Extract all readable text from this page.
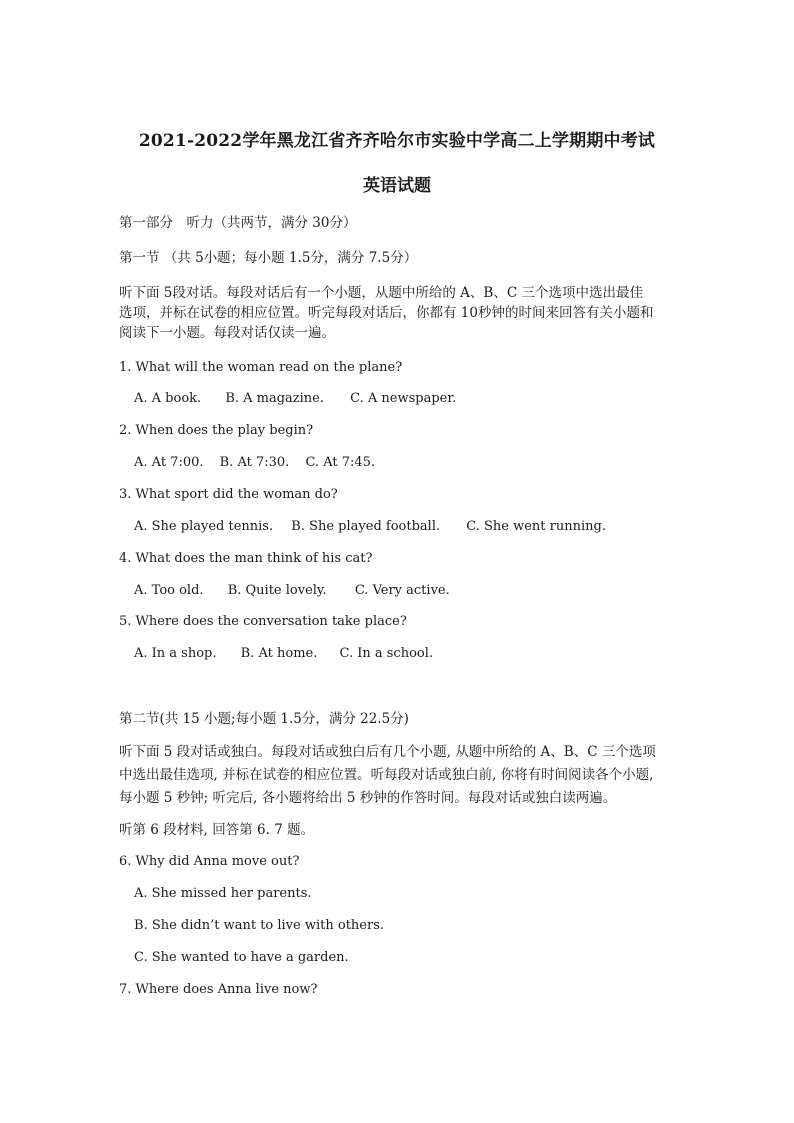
2021-2022学年黑龙江省齐齐哈尔市实验中学高二上学期期中考试
英语试题
第一部分　听力（共两节，满分 30分）
第一节 （共 5小题；每小题 1.5分，满分 7.5分）
听下面 5段对话。每段对话后有一个小题，从题中所给的 A、B、C 三个选项中选出最佳
选项，并标在试卷的相应位置。听完每段对话后，你都有 10秒钟的时间来回答有关小题和
阅读下一小题。每段对话仅读一遍。
1. What will the woman read on the plane?
A. A book. B. A magazine. C. A newspaper.
2. When does the play begin?
A. At 7:00. B. At 7:30. C. At 7:45.
3. What sport did the woman do?
A. She played tennis. B. She played football. C. She went running.
4. What does the man think of his cat?
A. Too old. B. Quite lovely. C. Very active.
5. Where does the conversation take place?
A. In a shop. B. At home. C. In a school.
第二节(共 15 小题;每小题 1.5分，满分 22.5分)
听下面 5 段对话或独白。每段对话或独白后有几个小题, 从题中所给的 A、B、C 三个选项
中选出最佳选项, 并标在试卷的相应位置。听每段对话或独白前, 你将有时间阅读各个小题,
每小题 5 秒钟; 听完后, 各小题将给出 5 秒钟的作答时间。每段对话或独白读两遍。
听第 6 段材料, 回答第 6. 7 题。
6. Why did Anna move out?
A. She missed her parents.
B. She didn’t want to live with others.
C. She wanted to have a garden.
7. Where does Anna live now?
